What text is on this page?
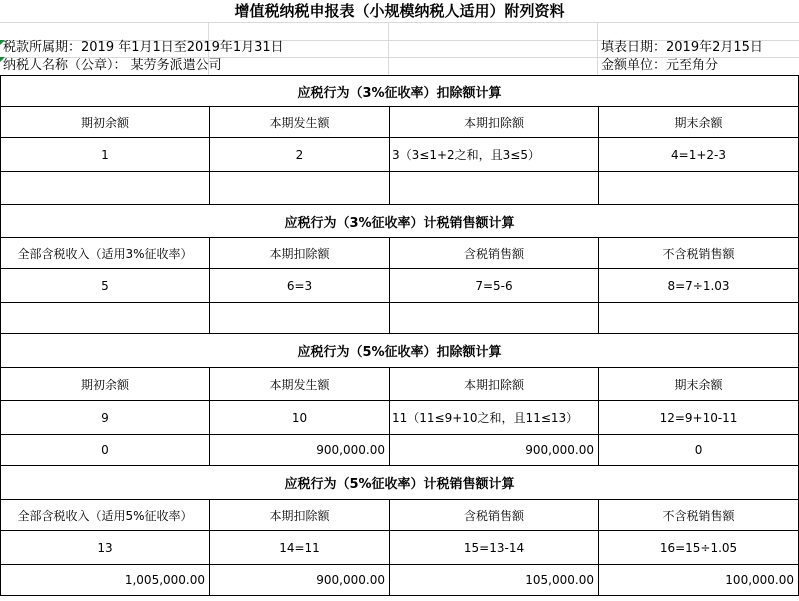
增值税纳税申报表（小规模纳税人适用）附列资料
税款所属期：2019 年1月1日至2019年1月31日	填表日期：2019年2月15日
纳税人名称（公章）： 某劳务派遣公司	金额单位：元至角分
应税行为（3%征收率）扣除额计算			
期初余额	本期发生额	本期扣除额	期末余额
1	2	3（3≤1+2之和，且3≤5）	4=1+2-3

应税行为（3%征收率）计税销售额计算			
全部含税收入（适用3%征收率）	本期扣除额	含税销售额	不含税销售额
5	6=3	7=5-6	8=7÷1.03

应税行为（5%征收率）扣除额计算			
期初余额	本期发生额	本期扣除额	期末余额
9	10	11（11≤9+10之和，且11≤13）	12=9+10-11
0	900,000.00	900,000.00	0
应税行为（5%征收率）计税销售额计算			
全部含税收入（适用5%征收率）	本期扣除额	含税销售额	不含税销售额
13	14=11	15=13-14	16=15÷1.05
1,005,000.00	900,000.00	105,000.00	100,000.00
